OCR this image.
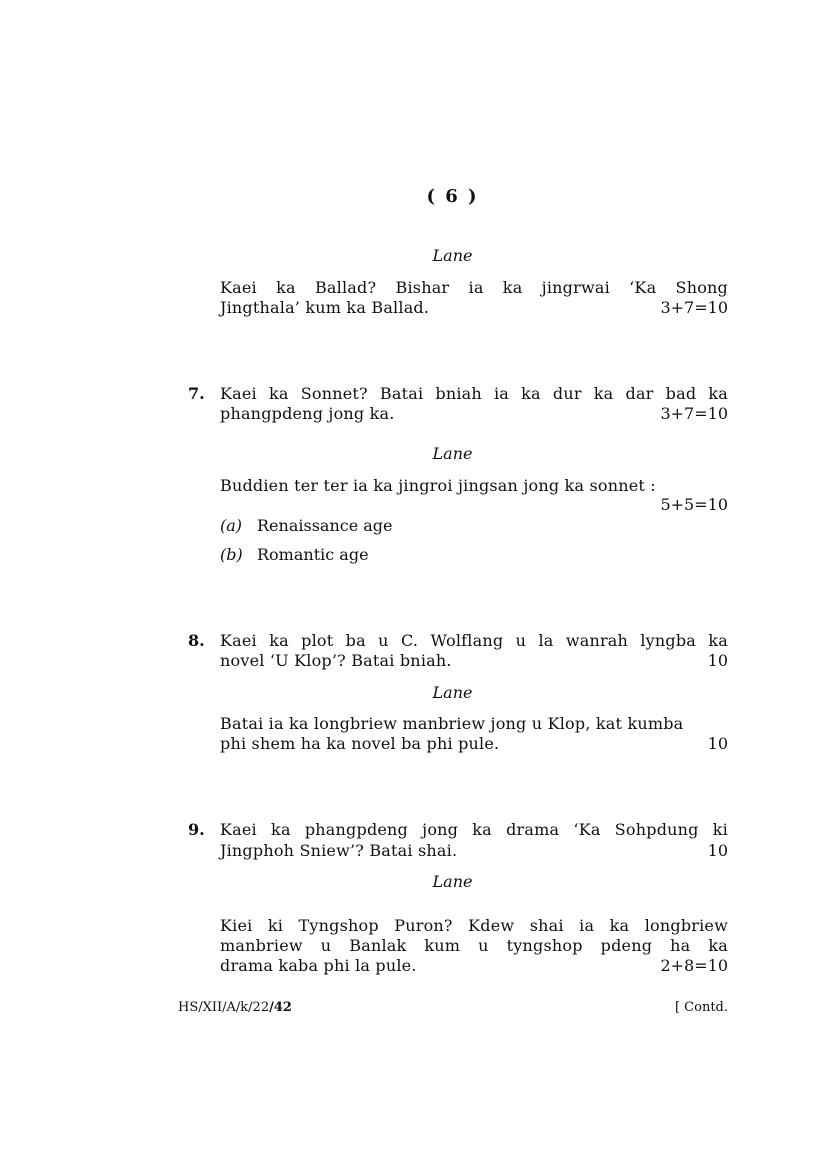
( 6 )
Lane
Kaei ka Ballad? Bishar ia ka jingrwai ‘Ka Shong
Jingthala’ kum ka Ballad.	3+7=10
7. Kaei ka Sonnet? Batai bniah ia ka dur ka dar bad ka
phangpdeng jong ka.	3+7=10
Lane
Buddien ter ter ia ka jingroi jingsan jong ka sonnet :
5+5=10
(a) Renaissance age
(b) Romantic age
8. Kaei ka plot ba u C. Wolflang u la wanrah lyngba ka
novel ‘U Klop’? Batai bniah.	10
Lane
Batai ia ka longbriew manbriew jong u Klop, kat kumba
phi shem ha ka novel ba phi pule.	10
9. Kaei ka phangpdeng jong ka drama ‘Ka Sohpdung ki
Jingphoh Sniew’? Batai shai.	10
Lane
Kiei ki Tyngshop Puron? Kdew shai ia ka longbriew
manbriew u Banlak kum u tyngshop pdeng ha ka
drama kaba phi la pule.	2+8=10
HS/XII/A/k/22/42	[ Contd.
